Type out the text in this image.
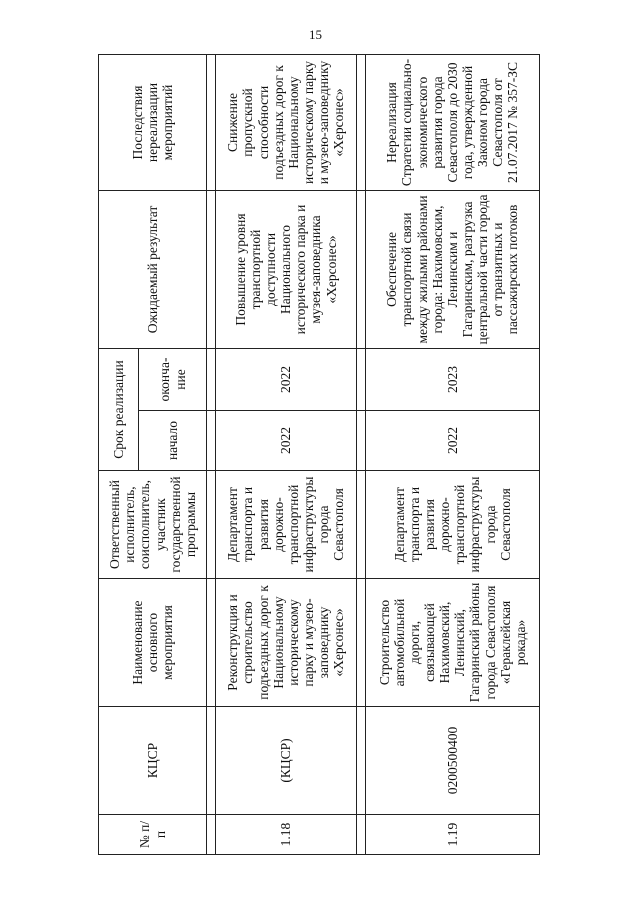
15
№ п/п	КЦСР	Наименование основного мероприятия	Ответственный исполнитель, соисполнитель, участник государственной программы	Срок реализации		Ожидаемый результат	Последствия нереализации мероприятий
				начало	оконча-ние		

1.18	(КЦСР)	Реконструкция и строительство подъездных дорог к Национальному историческому парку и музею-заповеднику «Херсонес»	Департамент транспорта и развития дорожно-транспортной инфраструктуры города Севастополя	2022	2022	Повышение уровня транспортной доступности Национального исторического парка и музея-заповедника «Херсонес»	Снижение пропускной способности подъездных дорог к Национальному историческому парку и музею-заповеднику «Херсонес»

1.19	0200500400	Строительство автомобильной дороги, связывающей Нахимовский, Ленинский, Гагаринский районы города Севастополя «Гераклейская рокада»	Департамент транспорта и развития дорожно-транспортной инфраструктуры города Севастополя	2022	2023	Обеспечение транспортной связи между жилыми районами города: Нахимовским, Ленинским и Гагаринским, разгрузка центральной части города от транзитных и пассажирских потоков	Нереализация Стратегии социально-экономического развития города Севастополя до 2030 года, утвержденной Законом города Севастополя от 21.07.2017 № 357-ЗС
